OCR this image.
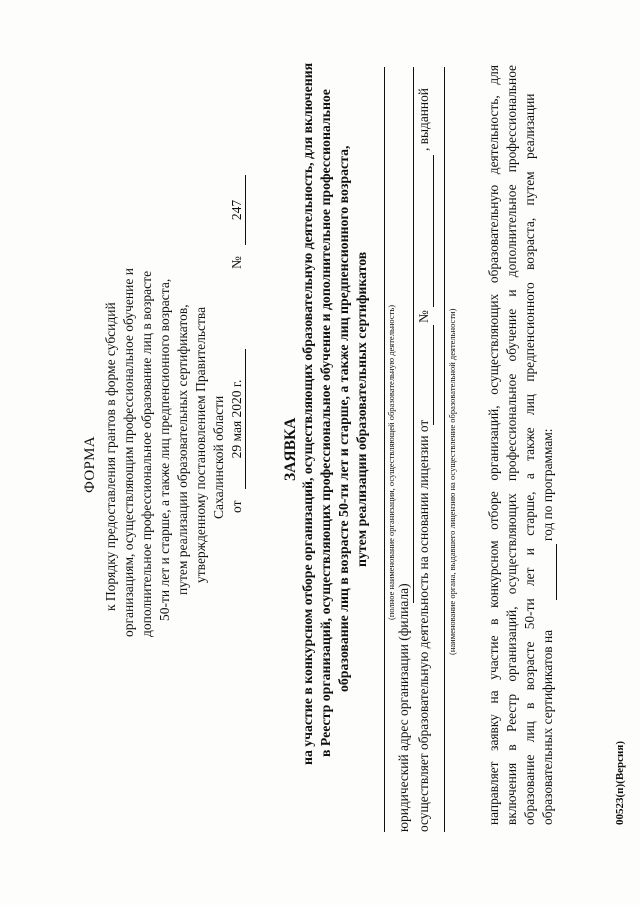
ФОРМА к Порядку предоставления грантов в форме субсидий организациям, осуществляющим профессиональное обучение и дополнительное профессиональное образование лиц в возрасте 50-ти лет и старше, а также лиц предпенсионного возраста, путем реализации образовательных сертификатов, утвержденному постановлением Правительства Сахалинской области от
29 мая 2020 г.
№
247
ЗАЯВКА на участие в конкурсном отборе организаций, осуществляющих образовательную деятельность, для включения в Реестр организаций, осуществляющих профессиональное обучение и дополнительное профессиональное образование лиц в возрасте 50-ти лет и старше, а также лиц предпенсионного возраста, путем реализации образовательных сертификатов (полное наименование организации, осуществляющей образовательную деятельность)
юридический адрес организации (филиала) осуществляет образовательную деятельность на основании лицензии от
№
, выданной
(наименование органа, выдавшего лицензию на осуществление образовательной деятельности) направляет заявку на участие в конкурсном отборе организаций, осуществляющих образовательную деятельность, для включения в Реестр организаций, осуществляющих профессиональное обучение и дополнительное профессиональное образование лиц в возрасте 50-ти лет и старше, а также лиц предпенсионного возраста, путем реализации образовательных сертификатов на
год по программам:
00523(п)(Версия)
